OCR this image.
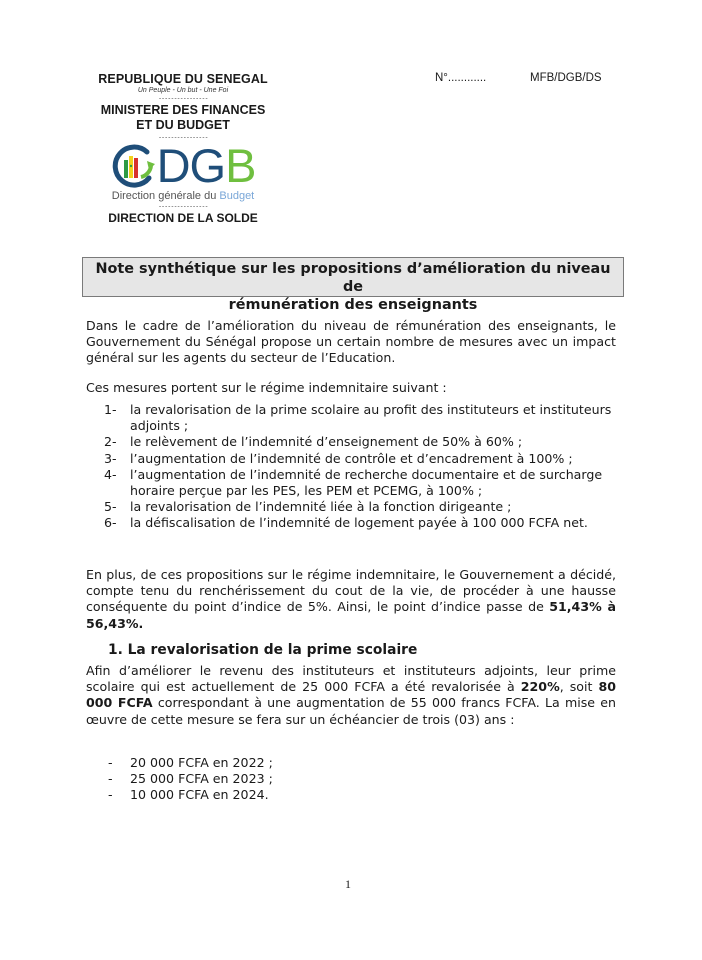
REPUBLIQUE DU SENEGAL
Un Peuple - Un but - Une Foi
----------------
MINISTERE DES FINANCES
ET DU BUDGET
----------------
DGB
Direction générale du Budget
----------------
DIRECTION DE LA SOLDE
N°............	MFB/DGB/DS
Note synthétique sur les propositions d’amélioration du niveau de
rémunération des enseignants
Dans le cadre de l’amélioration du niveau de rémunération des enseignants, le Gouvernement du Sénégal propose un certain nombre de mesures avec un impact général sur les agents du secteur de l’Education.
Ces mesures portent sur le régime indemnitaire suivant :
1- la revalorisation de la prime scolaire au profit des instituteurs et instituteurs adjoints ;
2- le relèvement de l’indemnité d’enseignement de 50% à 60% ;
3- l’augmentation de l’indemnité de contrôle et d’encadrement à 100% ;
4- l’augmentation de l’indemnité de recherche documentaire et de surcharge horaire perçue par les PES, les PEM et PCEMG, à 100% ;
5- la revalorisation de l’indemnité liée à la fonction dirigeante ;
6- la défiscalisation de l’indemnité de logement payée à 100 000 FCFA net.
En plus, de ces propositions sur le régime indemnitaire, le Gouvernement a décidé, compte tenu du renchérissement du cout de la vie, de procéder à une hausse conséquente du point d’indice de 5%. Ainsi, le point d’indice passe de 51,43% à 56,43%.
1. La revalorisation de la prime scolaire
Afin d’améliorer le revenu des instituteurs et instituteurs adjoints, leur prime scolaire qui est actuellement de 25 000 FCFA a été revalorisée à 220%, soit 80 000 FCFA correspondant à une augmentation de 55 000 francs FCFA. La mise en œuvre de cette mesure se fera sur un échéancier de trois (03) ans :
- 20 000 FCFA en 2022 ;
- 25 000 FCFA en 2023 ;
- 10 000 FCFA en 2024.
1
